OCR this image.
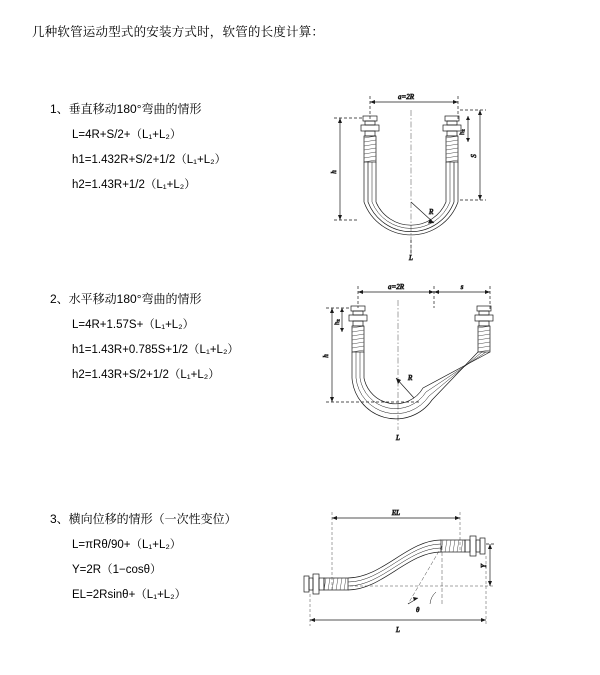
几种软管运动型式的安装方式时，软管的长度计算：
1、垂直移动180°弯曲的情形
L=4R+S/2+（L₁+L₂）
h1=1.432R+S/2+1/2（L₁+L₂）
h2=1.43R+1/2（L₁+L₂）
a=2R
R
L
h
S
h₂
2、水平移动180°弯曲的情形
L=4R+1.57S+（L₁+L₂）
h1=1.43R+0.785S+1/2（L₁+L₂）
h2=1.43R+S/2+1/2（L₁+L₂）
a=2R	s
R
L
h
h₂
3、横向位移的情形（一次性变位）
L=πRθ/90+（L₁+L₂）
Y=2R（1−cosθ）
EL=2Rsinθ+（L₁+L₂）
EL
θ
Y
L
